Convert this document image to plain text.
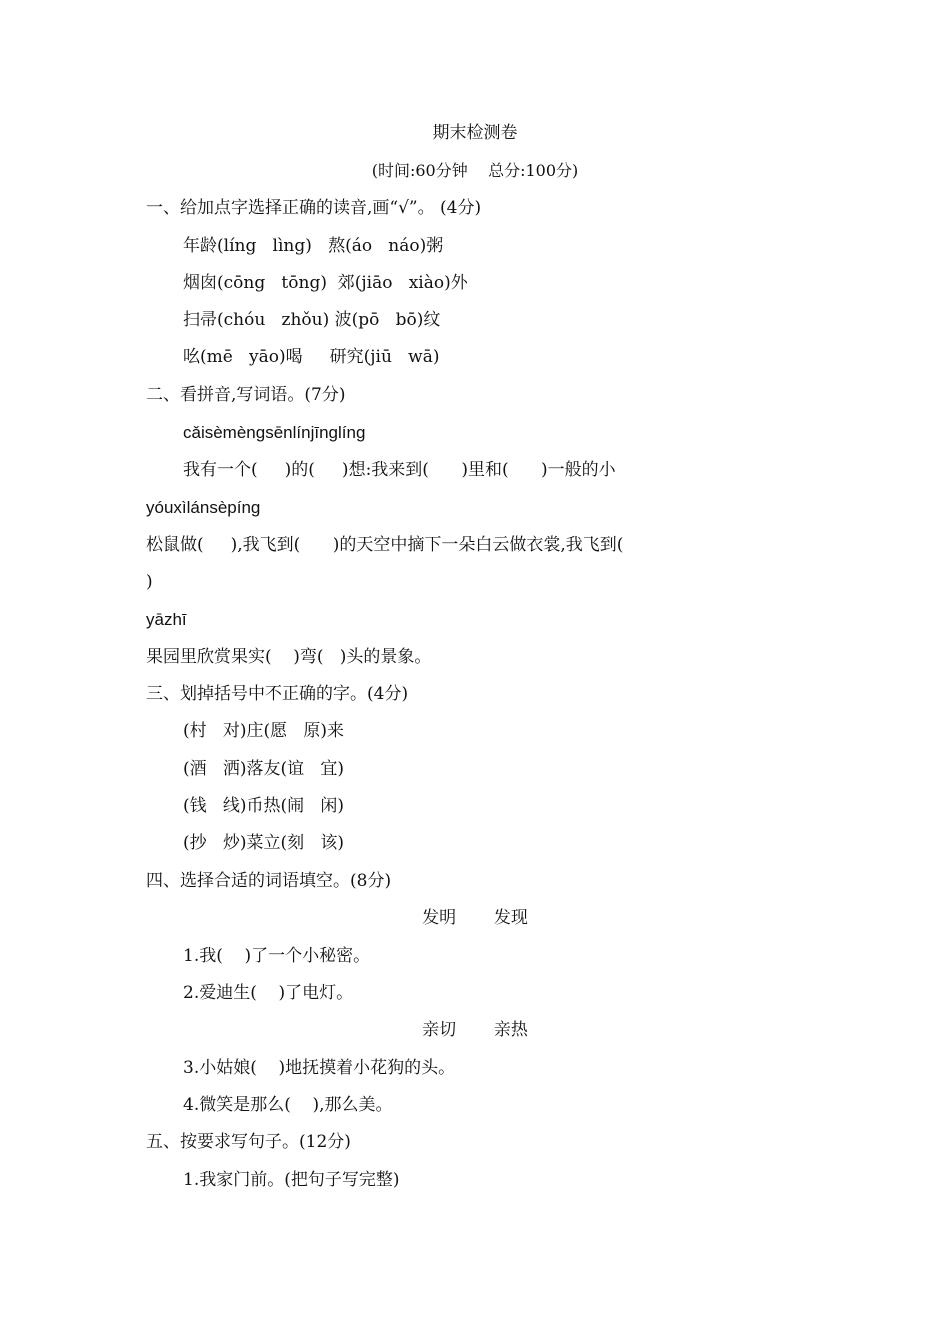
期末检测卷
(时间:60分钟    总分:100分)
一、给加点字选择正确的读音,画“√”。 (4分)
年龄(líng   lìng)   熬(áo   náo)粥
烟囱(cōng   tōng)  郊(jiāo   xiào)外
扫帚(chóu   zhǒu) 波(pō   bō)纹
吆(mē   yāo)喝     研究(jiū   wā)
二、看拼音,写词语。(7分)
cǎisèmèngsēnlínjīnglíng
我有一个(     )的(     )想:我来到(      )里和(      )一般的小
yóuxìlánsèpíng
松鼠做(     ),我飞到(      )的天空中摘下一朵白云做衣裳,我飞到(
)
yāzhī
果园里欣赏果实(    )弯(   )头的景象。
三、划掉括号中不正确的字。(4分)
(村   对)庄(愿   原)来
(酒   洒)落友(谊   宜)
(钱   线)币热(闹   闲)
(抄   炒)菜立(刻   该)
四、选择合适的词语填空。(8分)
发明       发现
1.我(    )了一个小秘密。
2.爱迪生(    )了电灯。
亲切       亲热
3.小姑娘(    )地抚摸着小花狗的头。
4.微笑是那么(    ),那么美。
五、按要求写句子。(12分)
1.我家门前。(把句子写完整)
